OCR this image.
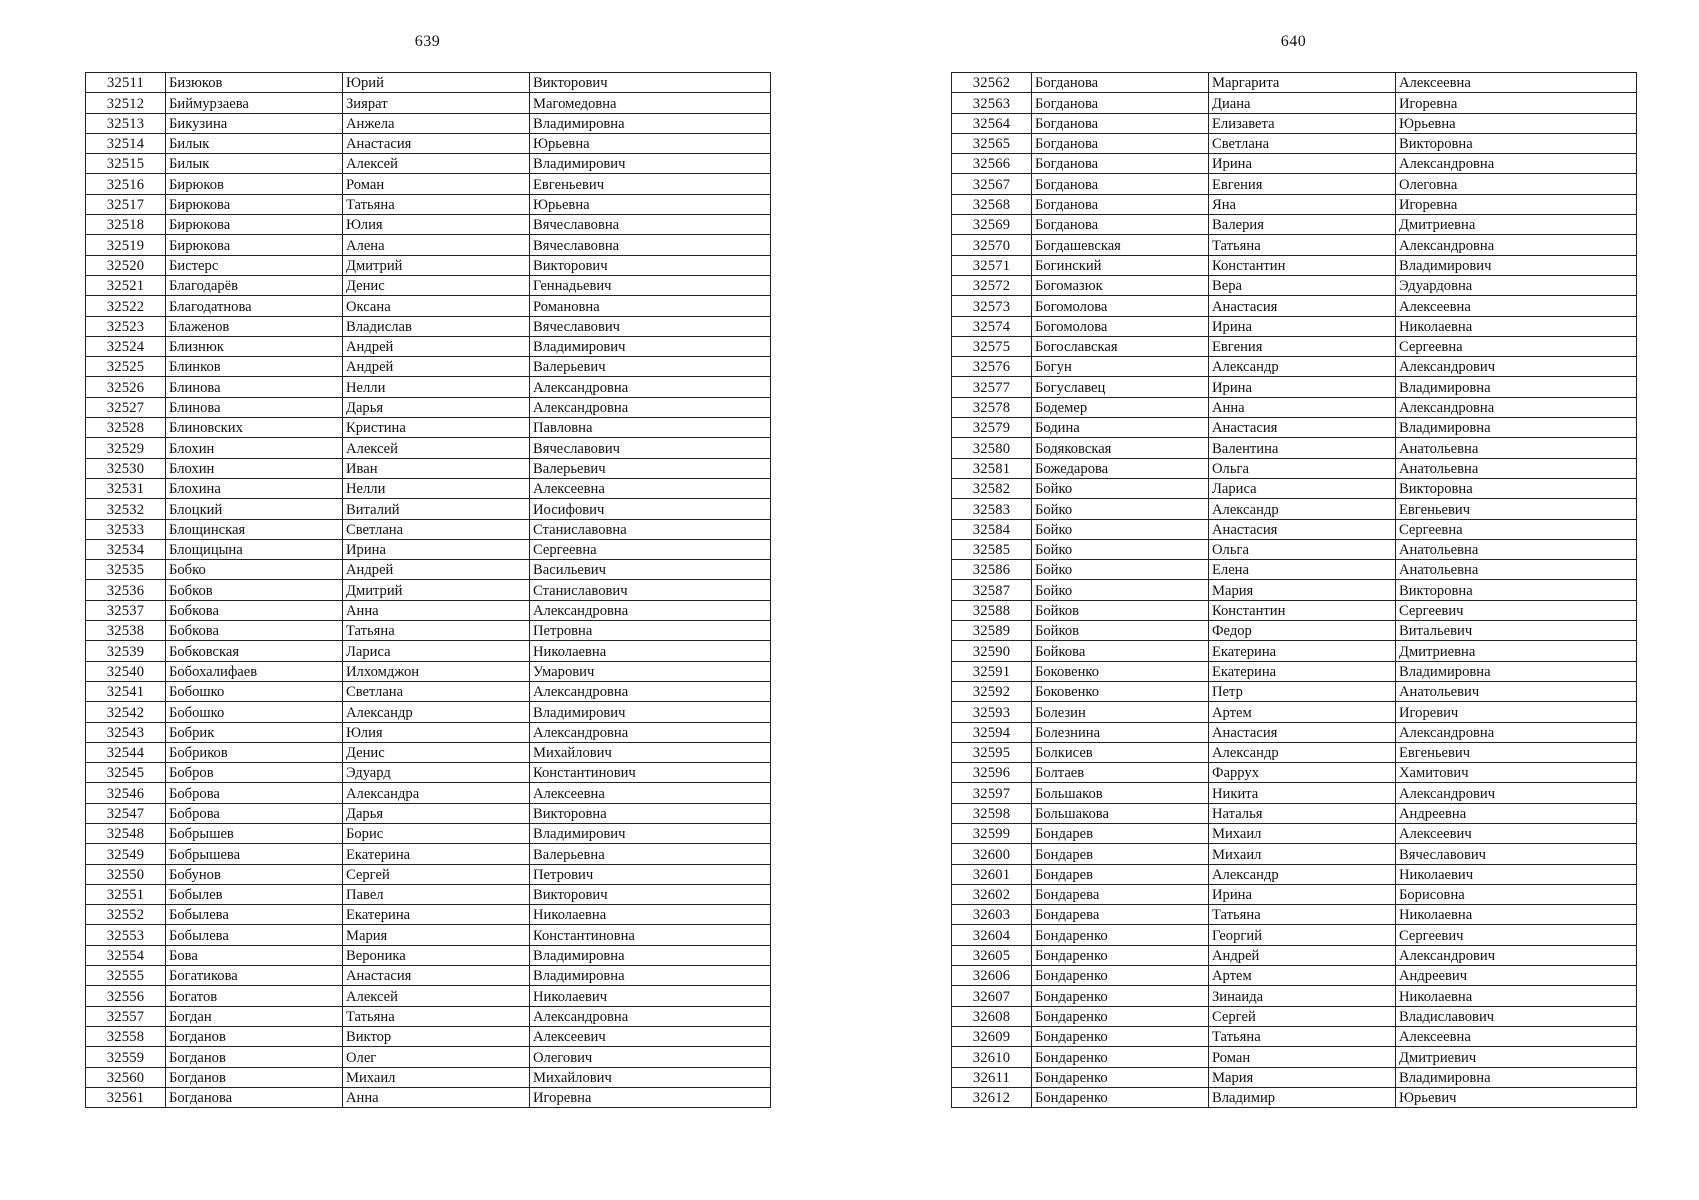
639
32511	Бизюков	Юрий	Викторович
32512	Биймурзаева	Зиярат	Магомедовна
32513	Бикузина	Анжела	Владимировна
32514	Билык	Анастасия	Юрьевна
32515	Билык	Алексей	Владимирович
32516	Бирюков	Роман	Евгеньевич
32517	Бирюкова	Татьяна	Юрьевна
32518	Бирюкова	Юлия	Вячеславовна
32519	Бирюкова	Алена	Вячеславовна
32520	Бистерс	Дмитрий	Викторович
32521	Благодарёв	Денис	Геннадьевич
32522	Благодатнова	Оксана	Романовна
32523	Блаженов	Владислав	Вячеславович
32524	Близнюк	Андрей	Владимирович
32525	Блинков	Андрей	Валерьевич
32526	Блинова	Нелли	Александровна
32527	Блинова	Дарья	Александровна
32528	Блиновских	Кристина	Павловна
32529	Блохин	Алексей	Вячеславович
32530	Блохин	Иван	Валерьевич
32531	Блохина	Нелли	Алексеевна
32532	Блоцкий	Виталий	Иосифович
32533	Блощинская	Светлана	Станиславовна
32534	Блощицына	Ирина	Сергеевна
32535	Бобко	Андрей	Васильевич
32536	Бобков	Дмитрий	Станиславович
32537	Бобкова	Анна	Александровна
32538	Бобкова	Татьяна	Петровна
32539	Бобковская	Лариса	Николаевна
32540	Бобохалифаев	Илхомджон	Умарович
32541	Бобошко	Светлана	Александровна
32542	Бобошко	Александр	Владимирович
32543	Бобрик	Юлия	Александровна
32544	Бобриков	Денис	Михайлович
32545	Бобров	Эдуард	Константинович
32546	Боброва	Александра	Алексеевна
32547	Боброва	Дарья	Викторовна
32548	Бобрышев	Борис	Владимирович
32549	Бобрышева	Екатерина	Валерьевна
32550	Бобунов	Сергей	Петрович
32551	Бобылев	Павел	Викторович
32552	Бобылева	Екатерина	Николаевна
32553	Бобылева	Мария	Константиновна
32554	Бова	Вероника	Владимировна
32555	Богатикова	Анастасия	Владимировна
32556	Богатов	Алексей	Николаевич
32557	Богдан	Татьяна	Александровна
32558	Богданов	Виктор	Алексеевич
32559	Богданов	Олег	Олегович
32560	Богданов	Михаил	Михайлович
32561	Богданова	Анна	Игоревна
640
32562	Богданова	Маргарита	Алексеевна
32563	Богданова	Диана	Игоревна
32564	Богданова	Елизавета	Юрьевна
32565	Богданова	Светлана	Викторовна
32566	Богданова	Ирина	Александровна
32567	Богданова	Евгения	Олеговна
32568	Богданова	Яна	Игоревна
32569	Богданова	Валерия	Дмитриевна
32570	Богдашевская	Татьяна	Александровна
32571	Богинский	Константин	Владимирович
32572	Богомазюк	Вера	Эдуардовна
32573	Богомолова	Анастасия	Алексеевна
32574	Богомолова	Ирина	Николаевна
32575	Богославская	Евгения	Сергеевна
32576	Богун	Александр	Александрович
32577	Богуславец	Ирина	Владимировна
32578	Бодемер	Анна	Александровна
32579	Бодина	Анастасия	Владимировна
32580	Бодяковская	Валентина	Анатольевна
32581	Божедарова	Ольга	Анатольевна
32582	Бойко	Лариса	Викторовна
32583	Бойко	Александр	Евгеньевич
32584	Бойко	Анастасия	Сергеевна
32585	Бойко	Ольга	Анатольевна
32586	Бойко	Елена	Анатольевна
32587	Бойко	Мария	Викторовна
32588	Бойков	Константин	Сергеевич
32589	Бойков	Федор	Витальевич
32590	Бойкова	Екатерина	Дмитриевна
32591	Боковенко	Екатерина	Владимировна
32592	Боковенко	Петр	Анатольевич
32593	Болезин	Артем	Игоревич
32594	Болезнина	Анастасия	Александровна
32595	Болкисев	Александр	Евгеньевич
32596	Болтаев	Фаррух	Хамитович
32597	Большаков	Никита	Александрович
32598	Большакова	Наталья	Андреевна
32599	Бондарев	Михаил	Алексеевич
32600	Бондарев	Михаил	Вячеславович
32601	Бондарев	Александр	Николаевич
32602	Бондарева	Ирина	Борисовна
32603	Бондарева	Татьяна	Николаевна
32604	Бондаренко	Георгий	Сергеевич
32605	Бондаренко	Андрей	Александрович
32606	Бондаренко	Артем	Андреевич
32607	Бондаренко	Зинаида	Николаевна
32608	Бондаренко	Сергей	Владиславович
32609	Бондаренко	Татьяна	Алексеевна
32610	Бондаренко	Роман	Дмитриевич
32611	Бондаренко	Мария	Владимировна
32612	Бондаренко	Владимир	Юрьевич
